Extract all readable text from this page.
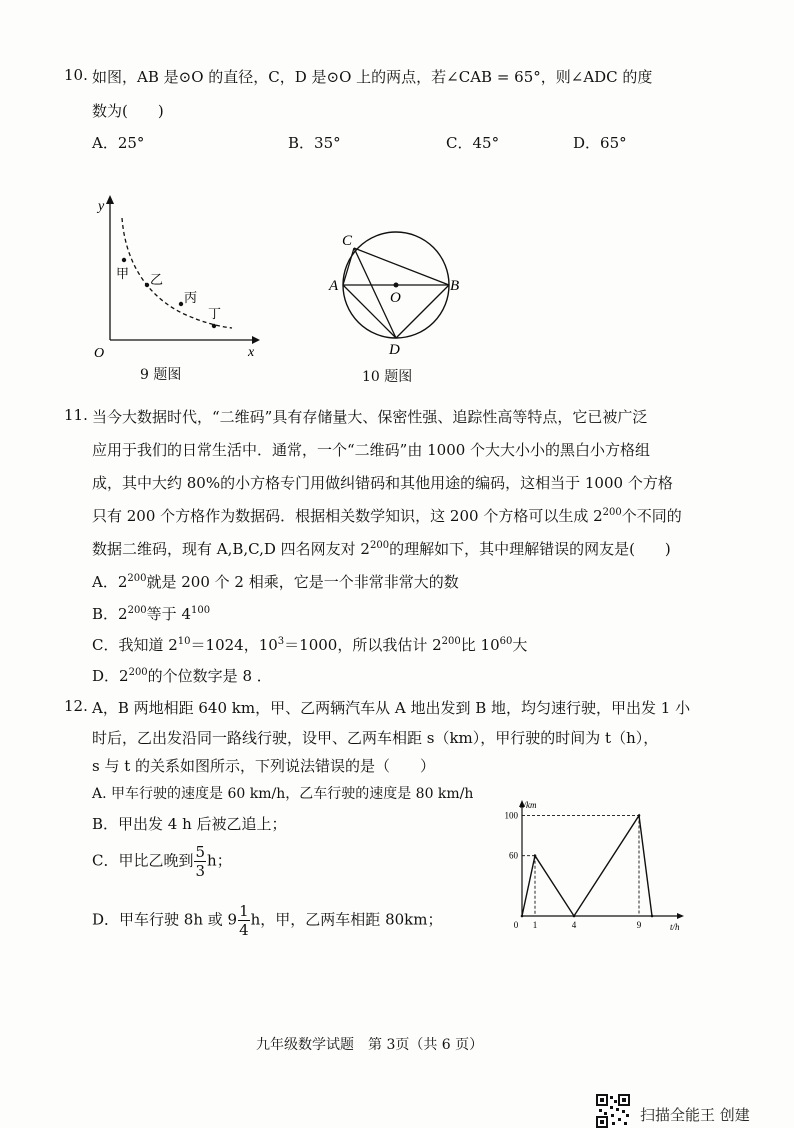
10. 如图，AB 是⊙O 的直径，C，D 是⊙O 上的两点，若∠CAB = 65°，则∠ADC 的度
数为(　　)
A．25°	B．35°	C．45°	D．65°
y
x
O
甲 乙
丙
丁
9 题图
C
A
O
B
D
10 题图
11. 当今大数据时代，“二维码”具有存储量大、保密性强、追踪性高等特点，它已被广泛
应用于我们的日常生活中．通常，一个“二维码”由 1000 个大大小小的黑白小方格组
成，其中大约 80%的小方格专门用做纠错码和其他用途的编码，这相当于 1000 个方格
只有 200 个方格作为数据码．根据相关数学知识，这 200 个方格可以生成 $2^{200}$个不同的
数据二维码，现有 A,B,C,D 四名网友对 $2^{200}$的理解如下，其中理解错误的网友是(　　)
A．$2^{200}$就是 200 个 2 相乘，它是一个非常非常大的数
B．$2^{200}$等于 $4^{100}$
C．我知道 $2^{10}=1024$，$10^3=1000$，所以我估计 $2^{200}$比 $10^{60}$大
D．$2^{200}$的个位数字是 8 ．
12. A，B 两地相距 640 km，甲、乙两辆汽车从 A 地出发到 B 地，均匀速行驶，甲出发 1 小
时后，乙出发沿同一路线行驶，设甲、乙两车相距 s（km），甲行驶的时间为 t（h），
s 与 t 的关系如图所示，下列说法错误的是（　　）
A. 甲车行驶的速度是 60 km/h，乙车行驶的速度是 80 km/h
B．甲出发 4 h 后被乙追上；
C．甲比乙晚到 $\frac{5}{3}$ h；
D．甲车行驶 8h 或 $9 \frac{1}{4}$ h，甲，乙两车相距 80km；
s/km
t/h
60
100
0 1	4	9
九年级数学试题　第 3页（共 6 页）
扫描全能王 创建
